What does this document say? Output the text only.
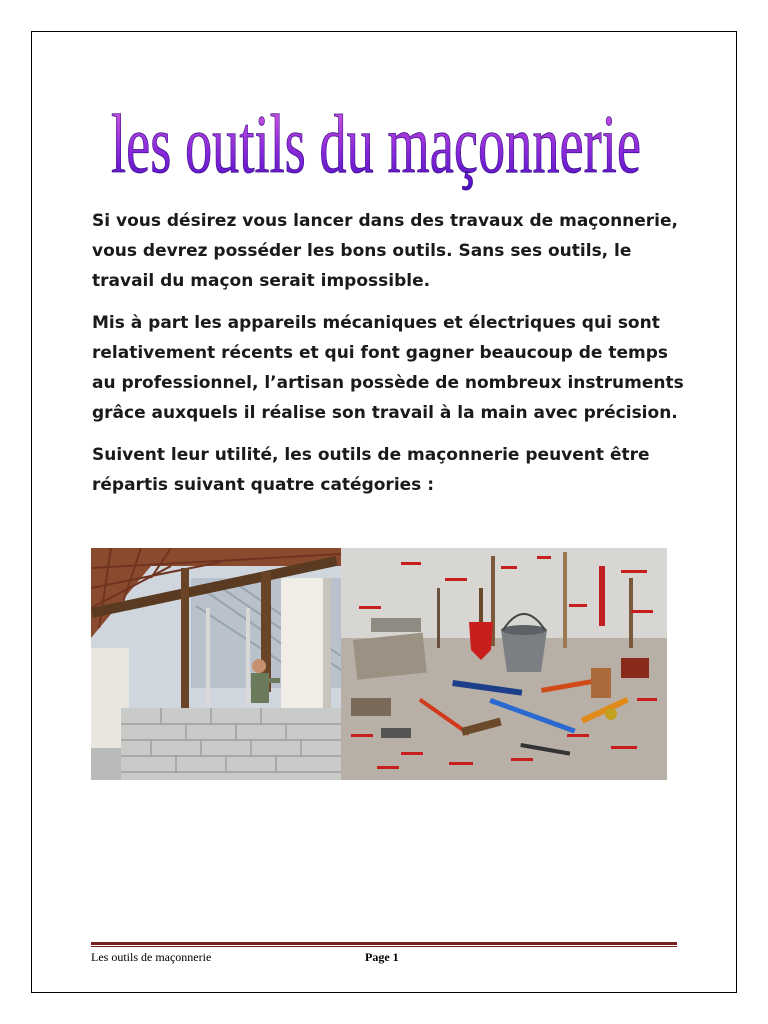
les outils du maçonnerie

Si vous désirez vous lancer dans des travaux de maçonnerie, vous devrez posséder les bons outils. Sans ses outils, le travail du maçon serait impossible.

Mis à part les appareils mécaniques et électriques qui sont relativement récents et qui font gagner beaucoup de temps au professionnel, l’artisan possède de nombreux instruments grâce auxquels il réalise son travail à la main avec précision.

Suivent leur utilité, les outils de maçonnerie peuvent être répartis suivant quatre catégories :

Les outils de maçonnerie	Page 1
